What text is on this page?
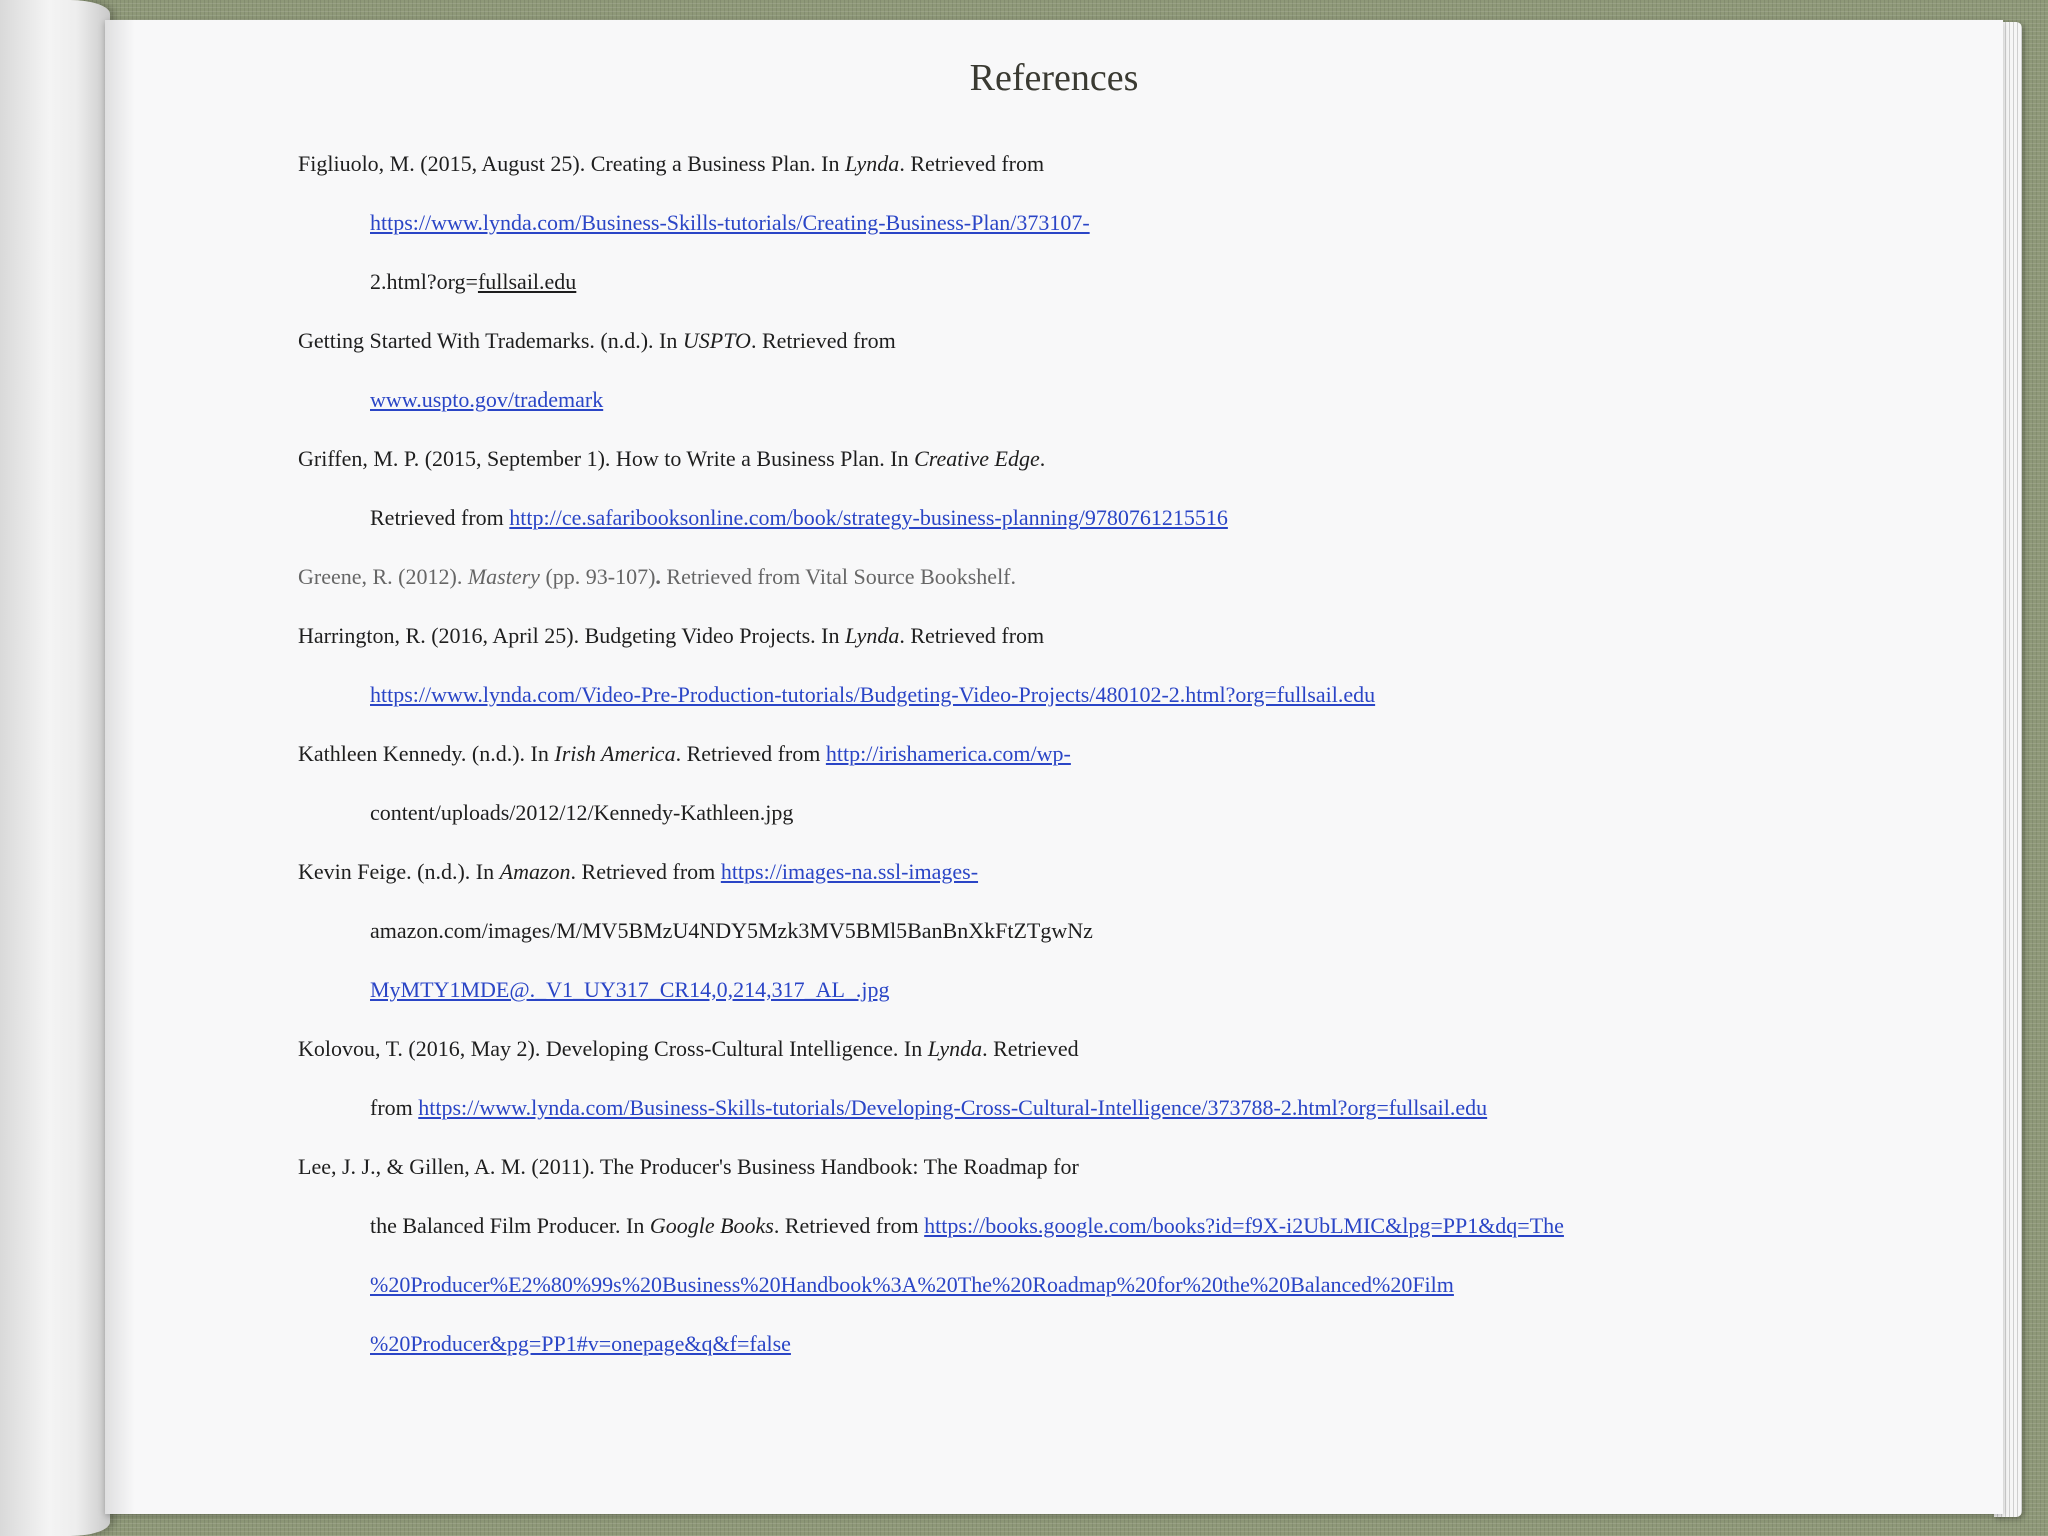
References
Figliuolo, M. (2015, August 25). Creating a Business Plan. In Lynda. Retrieved from
https://www.lynda.com/Business-Skills-tutorials/Creating-Business-Plan/373107-
2.html?org=fullsail.edu
Getting Started With Trademarks. (n.d.). In USPTO. Retrieved from
www.uspto.gov/trademark
Griffen, M. P. (2015, September 1). How to Write a Business Plan. In Creative Edge.
Retrieved from http://ce.safaribooksonline.com/book/strategy-business-planning/9780761215516
Greene, R. (2012). Mastery (pp. 93-107). Retrieved from Vital Source Bookshelf.
Harrington, R. (2016, April 25). Budgeting Video Projects. In Lynda. Retrieved from
https://www.lynda.com/Video-Pre-Production-tutorials/Budgeting-Video-Projects/480102-2.html?org=fullsail.edu
Kathleen Kennedy. (n.d.). In Irish America. Retrieved from http://irishamerica.com/wp-
content/uploads/2012/12/Kennedy-Kathleen.jpg
Kevin Feige. (n.d.). In Amazon. Retrieved from https://images-na.ssl-images-
amazon.com/images/M/MV5BMzU4NDY5Mzk3MV5BMl5BanBnXkFtZTgwNz
MyMTY1MDE@._V1_UY317_CR14,0,214,317_AL_.jpg
Kolovou, T. (2016, May 2). Developing Cross-Cultural Intelligence. In Lynda. Retrieved
from https://www.lynda.com/Business-Skills-tutorials/Developing-Cross-Cultural-Intelligence/373788-2.html?org=fullsail.edu
Lee, J. J., & Gillen, A. M. (2011). The Producer's Business Handbook: The Roadmap for
the Balanced Film Producer. In Google Books. Retrieved from https://books.google.com/books?id=f9X-i2UbLMIC&lpg=PP1&dq=The
%20Producer%E2%80%99s%20Business%20Handbook%3A%20The%20Roadmap%20for%20the%20Balanced%20Film
%20Producer&pg=PP1#v=onepage&q&f=false
